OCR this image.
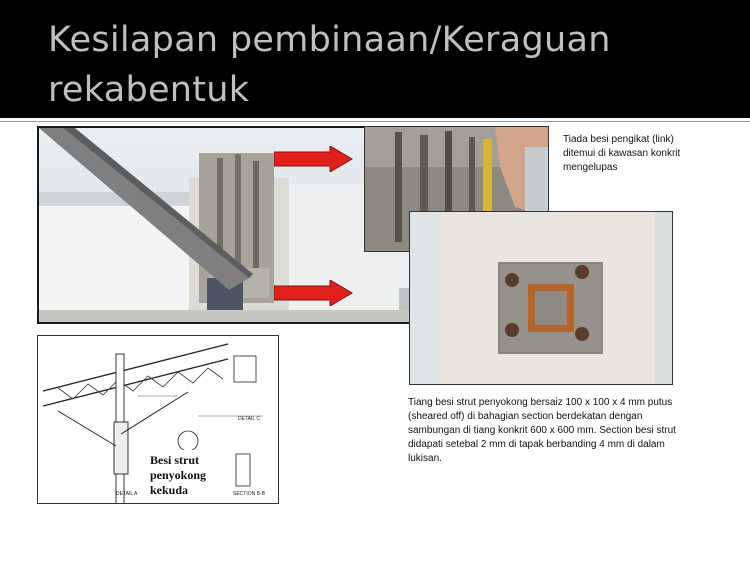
Kesilapan pembinaan/Keraguan
rekabentuk
Tiada besi pengikat (link) ditemui di kawasan konkrit mengelupas
Tiang besi strut penyokong bersaiz 100 x 100 x 4 mm putus (sheared off) di bahagian section berdekatan dengan sambungan di tiang konkrit 600 x 600 mm. Section besi strut didapati setebal 2 mm di tapak berbanding 4 mm di dalam lukisan.
DETAIL A
DETAIL C
SECTION B-B
Besi strut penyokong kekuda
